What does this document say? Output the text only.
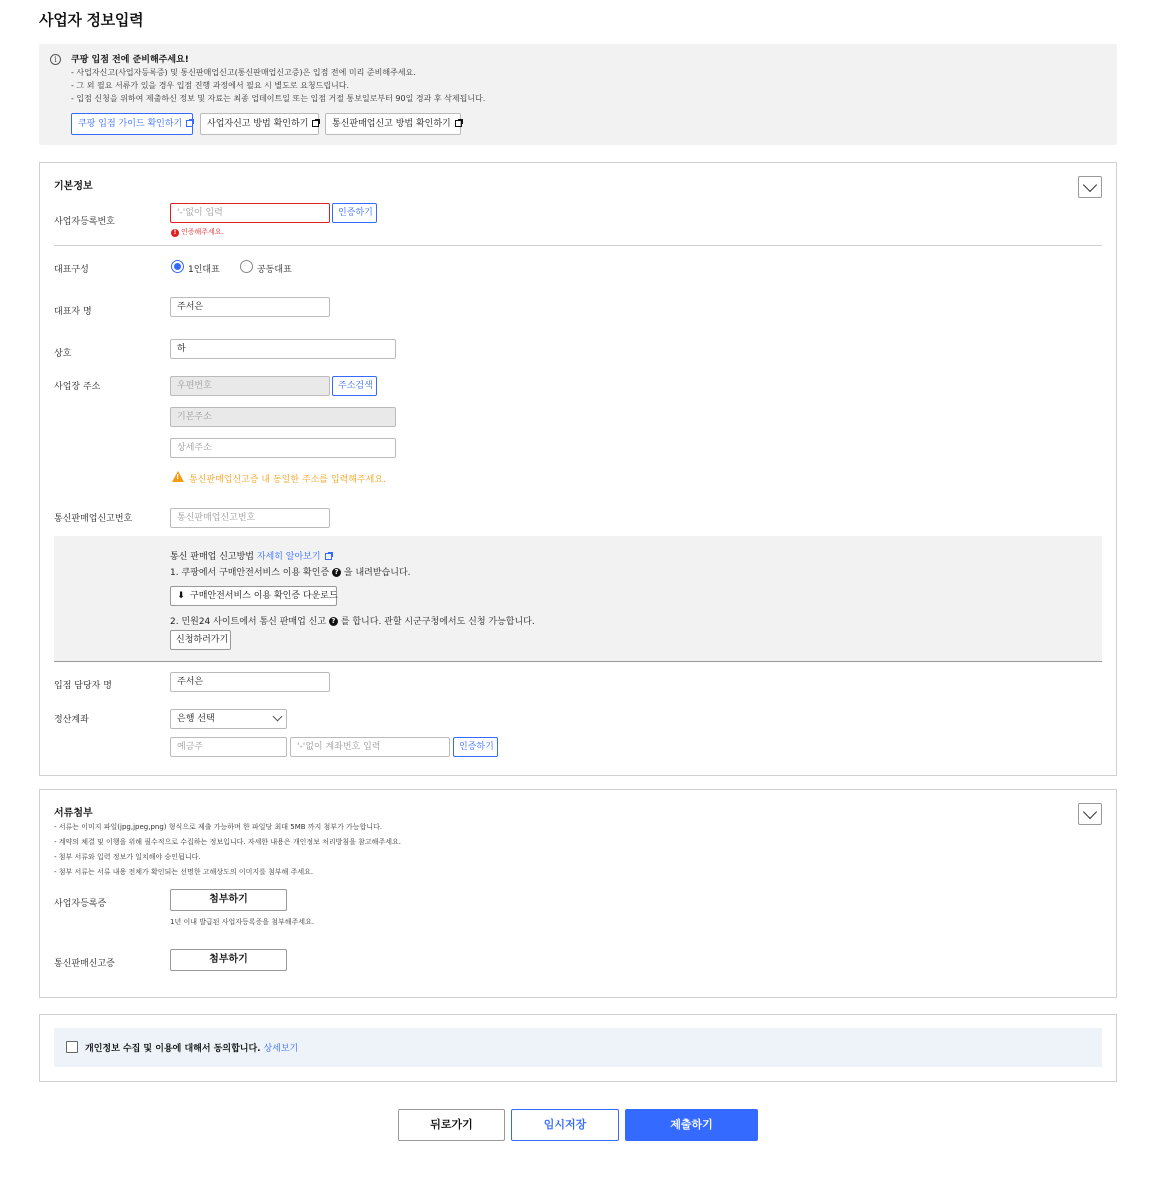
사업자 정보입력
i	쿠팡 입점 전에 준비해주세요!
- 사업자신고(사업자등록증) 및 통신판매업신고(통신판매업신고증)은 입점 전에 미리 준비해주세요.
- 그 외 필요 서류가 있을 경우 입점 진행 과정에서 필요 시 별도로 요청드립니다.
- 입점 신청을 위하여 제출하신 정보 및 자료는 최종 업데이트일 또는 입점 거절 통보일로부터 90일 경과 후 삭제됩니다.
쿠팡 입점 가이드 확인하기	사업자신고 방법 확인하기	통신판매업신고 방법 확인하기
기본정보
사업자등록번호
'-'없이 입력	인증하기
! 인증해주세요.
대표구성	1인대표	공동대표
대표자 명	주서은
상호	하
사업장 주소	우편번호	주소검색
기본주소
상세주소
!
통신판매업신고증 내 동일한 주소를 입력해주세요.
통신판매업신고번호	통신판매업신고번호
통신 판매업 신고방법 자세히 알아보기
1. 쿠팡에서 구매안전서비스 이용 확인증 ? 을 내려받습니다.
⬇ 구매안전서비스 이용 확인증 다운로드
2. 민원24 사이트에서 통신 판매업 신고 ? 를 합니다. 관할 시군구청에서도 신청 가능합니다.
신청하러가기
입점 담당자 명	주서은
정산계좌	은행 선택
예금주	'-'없이 계좌번호 입력	인증하기
서류첨부
- 서류는 이미지 파일(jpg,jpeg,png) 형식으로 제출 가능하며 한 파일당 최대 5MB 까지 첨부가 가능합니다.
- 계약의 체결 및 이행을 위해 필수적으로 수집하는 정보입니다. 자세한 내용은 개인정보 처리방침을 참고해주세요.
- 첨부 서류와 입력 정보가 일치해야 승인됩니다.
- 첨부 서류는 서류 내용 전체가 확인되는 선명한 고해상도의 이미지를 첨부해 주세요.
사업자등록증	첨부하기
1년 이내 발급된 사업자등록증을 첨부해주세요.
통신판매신고증	첨부하기
개인정보 수집 및 이용에 대해서 동의합니다. 상세보기
뒤로가기	임시저장	제출하기
